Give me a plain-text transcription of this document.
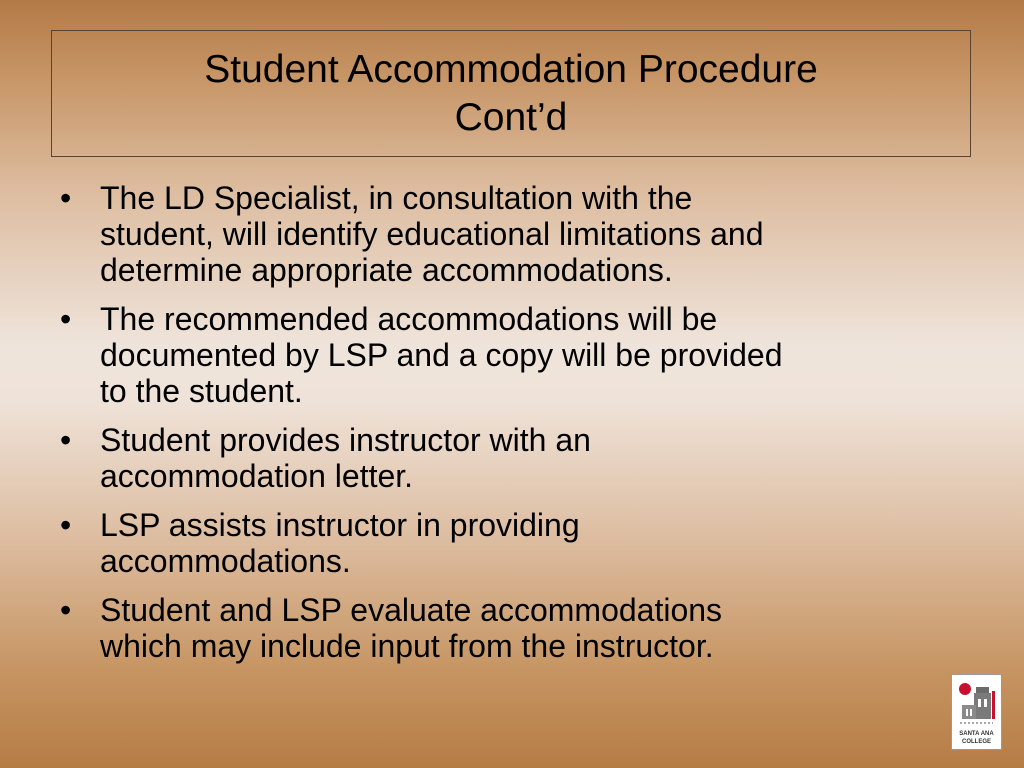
Student Accommodation Procedure
Cont’d
• The LD Specialist, in consultation with the
student, will identify educational limitations and
determine appropriate accommodations.
• The recommended accommodations will be
documented by LSP and a copy will be provided
to the student.
• Student provides instructor with an
accommodation letter.
• LSP assists instructor in providing
accommodations.
• Student and LSP evaluate accommodations
which may include input from the instructor.
SANTA ANA
COLLEGE
